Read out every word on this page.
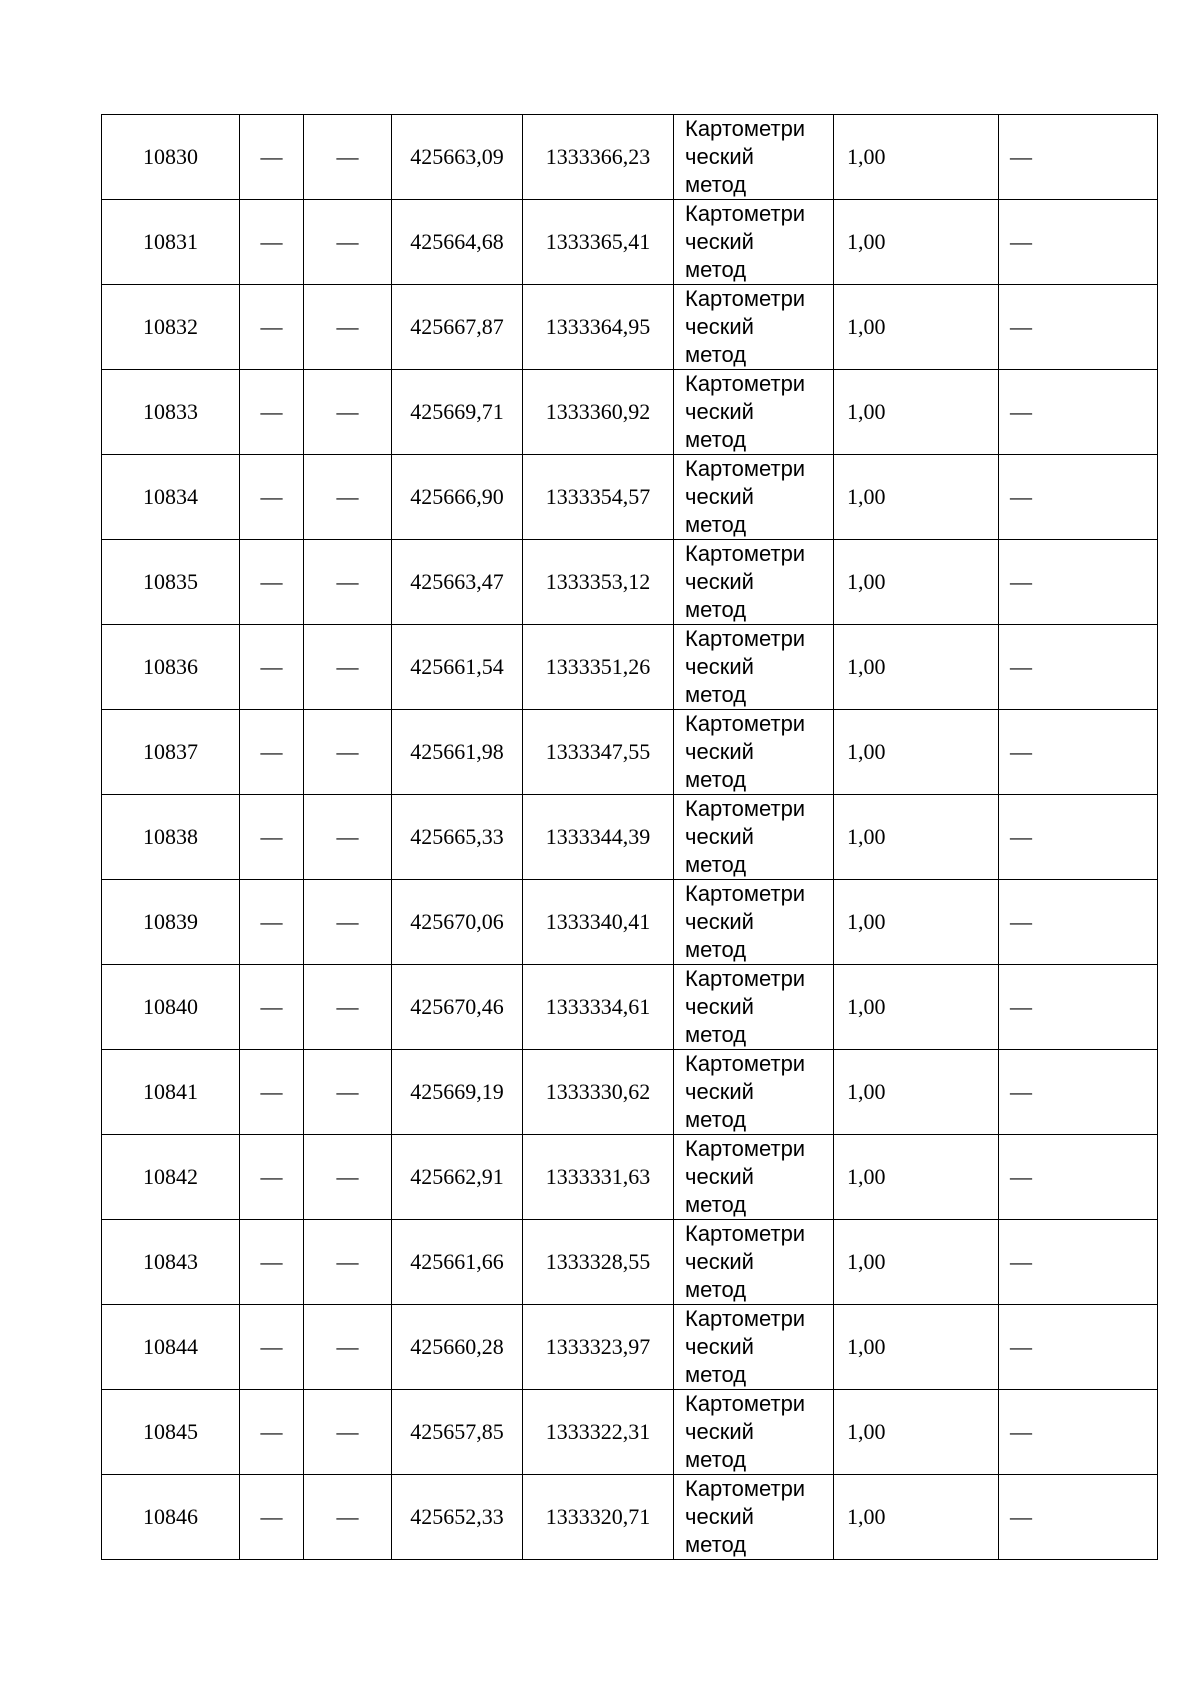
10830	—	—	425663,09	1333366,23	Картометри
ческий
метод	1,00	—
10831	—	—	425664,68	1333365,41	Картометри
ческий
метод	1,00	—
10832	—	—	425667,87	1333364,95	Картометри
ческий
метод	1,00	—
10833	—	—	425669,71	1333360,92	Картометри
ческий
метод	1,00	—
10834	—	—	425666,90	1333354,57	Картометри
ческий
метод	1,00	—
10835	—	—	425663,47	1333353,12	Картометри
ческий
метод	1,00	—
10836	—	—	425661,54	1333351,26	Картометри
ческий
метод	1,00	—
10837	—	—	425661,98	1333347,55	Картометри
ческий
метод	1,00	—
10838	—	—	425665,33	1333344,39	Картометри
ческий
метод	1,00	—
10839	—	—	425670,06	1333340,41	Картометри
ческий
метод	1,00	—
10840	—	—	425670,46	1333334,61	Картометри
ческий
метод	1,00	—
10841	—	—	425669,19	1333330,62	Картометри
ческий
метод	1,00	—
10842	—	—	425662,91	1333331,63	Картометри
ческий
метод	1,00	—
10843	—	—	425661,66	1333328,55	Картометри
ческий
метод	1,00	—
10844	—	—	425660,28	1333323,97	Картометри
ческий
метод	1,00	—
10845	—	—	425657,85	1333322,31	Картометри
ческий
метод	1,00	—
10846	—	—	425652,33	1333320,71	Картометри
ческий
метод	1,00	—
